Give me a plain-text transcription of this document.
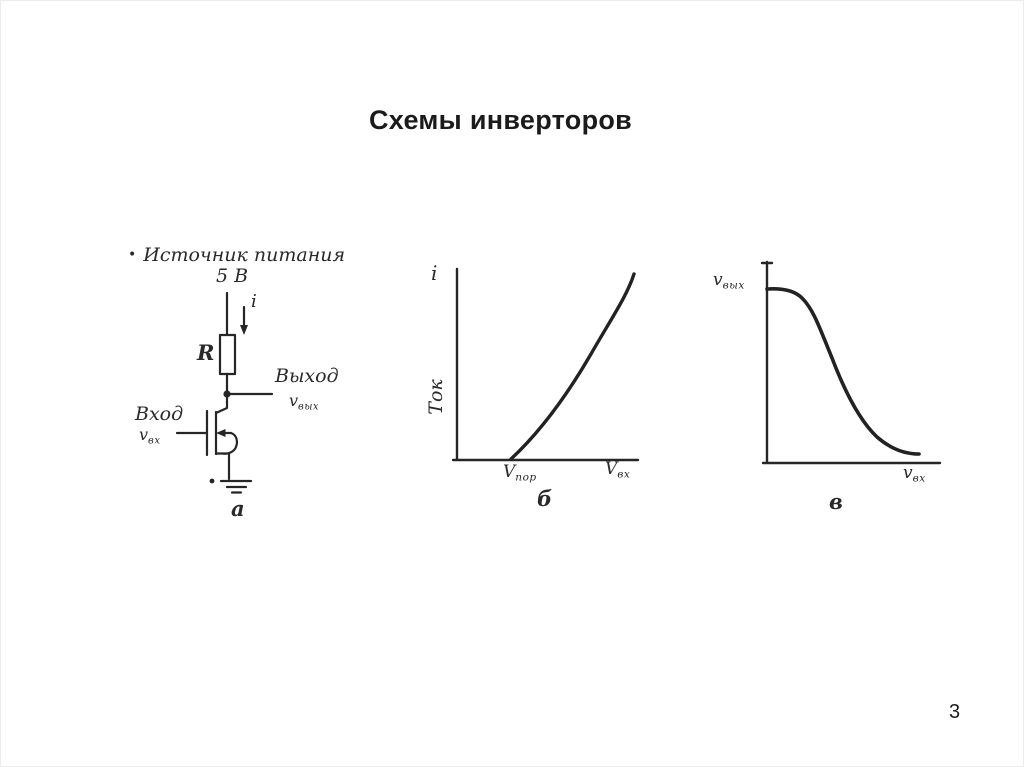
Схемы инверторов
• Источник питания
5 В
i
R
Выход
$v_{вых}$
Вход
$v_{вх}$
а
i
Ток
$V_{пор}$	$V_{вх}$
б
$v_{вых}$
$v_{вх}$
в
3
